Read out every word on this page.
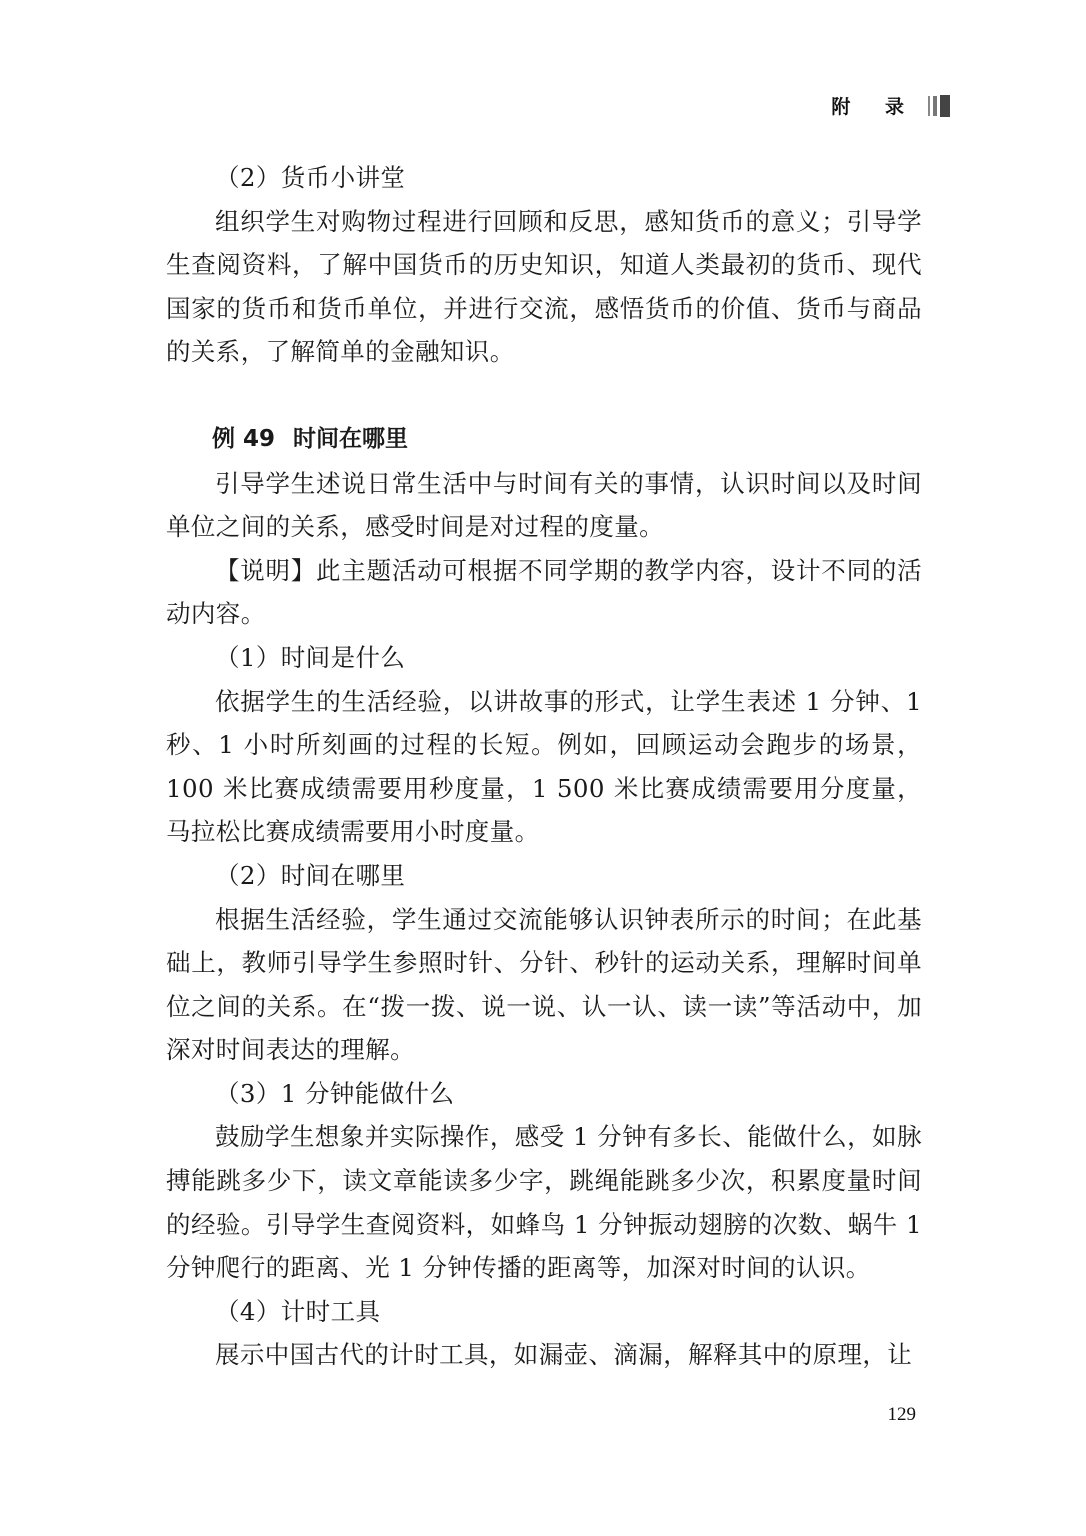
附 录

（2）货币小讲堂

组织学生对购物过程进行回顾和反思，感知货币的意义；引导学生查阅资料，了解中国货币的历史知识，知道人类最初的货币、现代国家的货币和货币单位，并进行交流，感悟货币的价值、货币与商品的关系，了解简单的金融知识。

例 49 时间在哪里

引导学生述说日常生活中与时间有关的事情，认识时间以及时间单位之间的关系，感受时间是对过程的度量。

【说明】此主题活动可根据不同学期的教学内容，设计不同的活动内容。

（1）时间是什么

依据学生的生活经验，以讲故事的形式，让学生表述 1 分钟、1 秒、1 小时所刻画的过程的长短。例如，回顾运动会跑步的场景，100 米比赛成绩需要用秒度量，1 500 米比赛成绩需要用分度量，马拉松比赛成绩需要用小时度量。

（2）时间在哪里

根据生活经验，学生通过交流能够认识钟表所示的时间；在此基础上，教师引导学生参照时针、分针、秒针的运动关系，理解时间单位之间的关系。在“拨一拨、说一说、认一认、读一读”等活动中，加深对时间表达的理解。

（3）1 分钟能做什么

鼓励学生想象并实际操作，感受 1 分钟有多长、能做什么，如脉搏能跳多少下，读文章能读多少字，跳绳能跳多少次，积累度量时间的经验。引导学生查阅资料，如蜂鸟 1 分钟振动翅膀的次数、蜗牛 1 分钟爬行的距离、光 1 分钟传播的距离等，加深对时间的认识。

（4）计时工具

展示中国古代的计时工具，如漏壶、滴漏，解释其中的原理，让

129
